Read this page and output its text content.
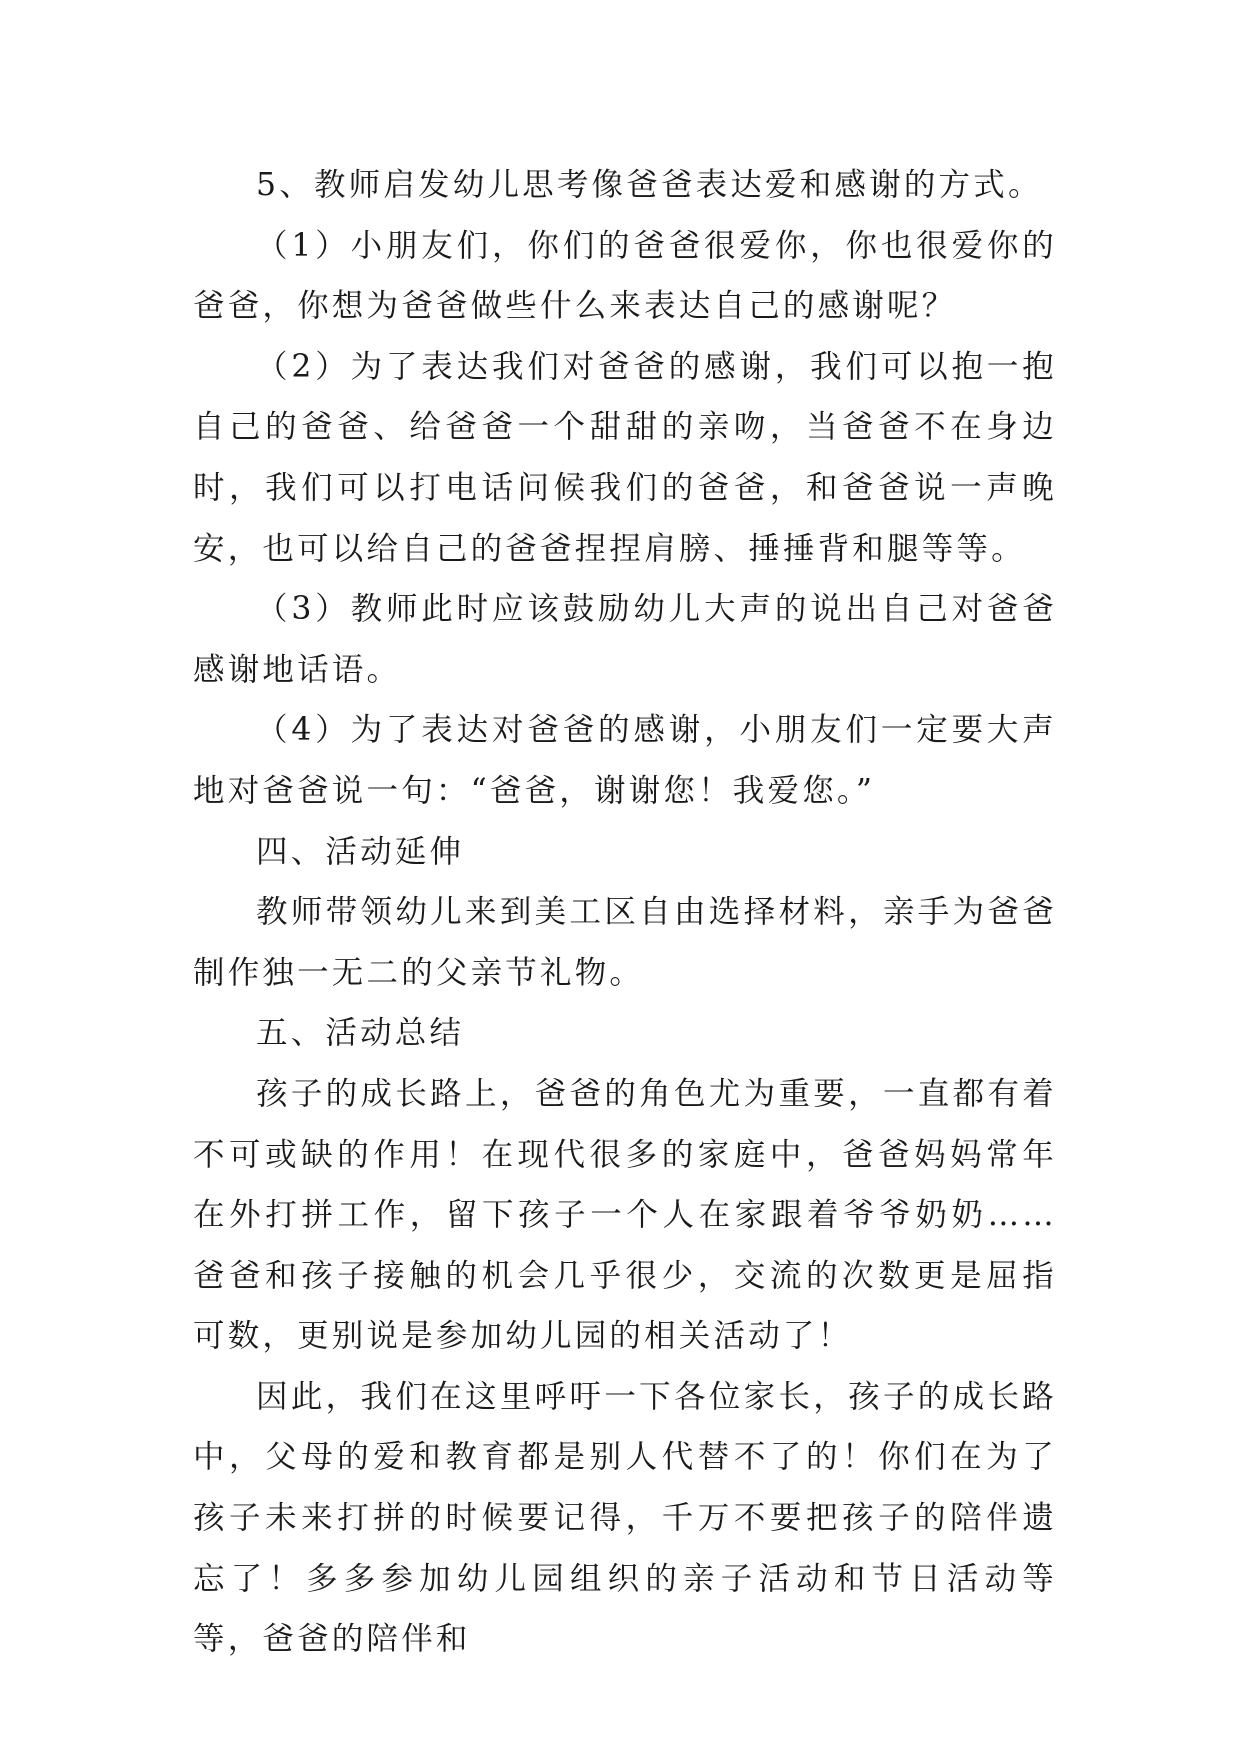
5、教师启发幼儿思考像爸爸表达爱和感谢的方式。

（1）小朋友们，你们的爸爸很爱你，你也很爱你的爸爸，你想为爸爸做些什么来表达自己的感谢呢？

（2）为了表达我们对爸爸的感谢，我们可以抱一抱自己的爸爸、给爸爸一个甜甜的亲吻，当爸爸不在身边时，我们可以打电话问候我们的爸爸，和爸爸说一声晚安，也可以给自己的爸爸捏捏肩膀、捶捶背和腿等等。

（3）教师此时应该鼓励幼儿大声的说出自己对爸爸感谢地话语。

（4）为了表达对爸爸的感谢，小朋友们一定要大声地对爸爸说一句：“爸爸，谢谢您！我爱您。”

四、活动延伸

教师带领幼儿来到美工区自由选择材料，亲手为爸爸制作独一无二的父亲节礼物。

五、活动总结

孩子的成长路上，爸爸的角色尤为重要，一直都有着不可或缺的作用！在现代很多的家庭中，爸爸妈妈常年在外打拼工作，留下孩子一个人在家跟着爷爷奶奶……爸爸和孩子接触的机会几乎很少，交流的次数更是屈指可数，更别说是参加幼儿园的相关活动了！

因此，我们在这里呼吁一下各位家长，孩子的成长路中，父母的爱和教育都是别人代替不了的！你们在为了孩子未来打拼的时候要记得，千万不要把孩子的陪伴遗忘了！多多参加幼儿园组织的亲子活动和节日活动等等，爸爸的陪伴和
